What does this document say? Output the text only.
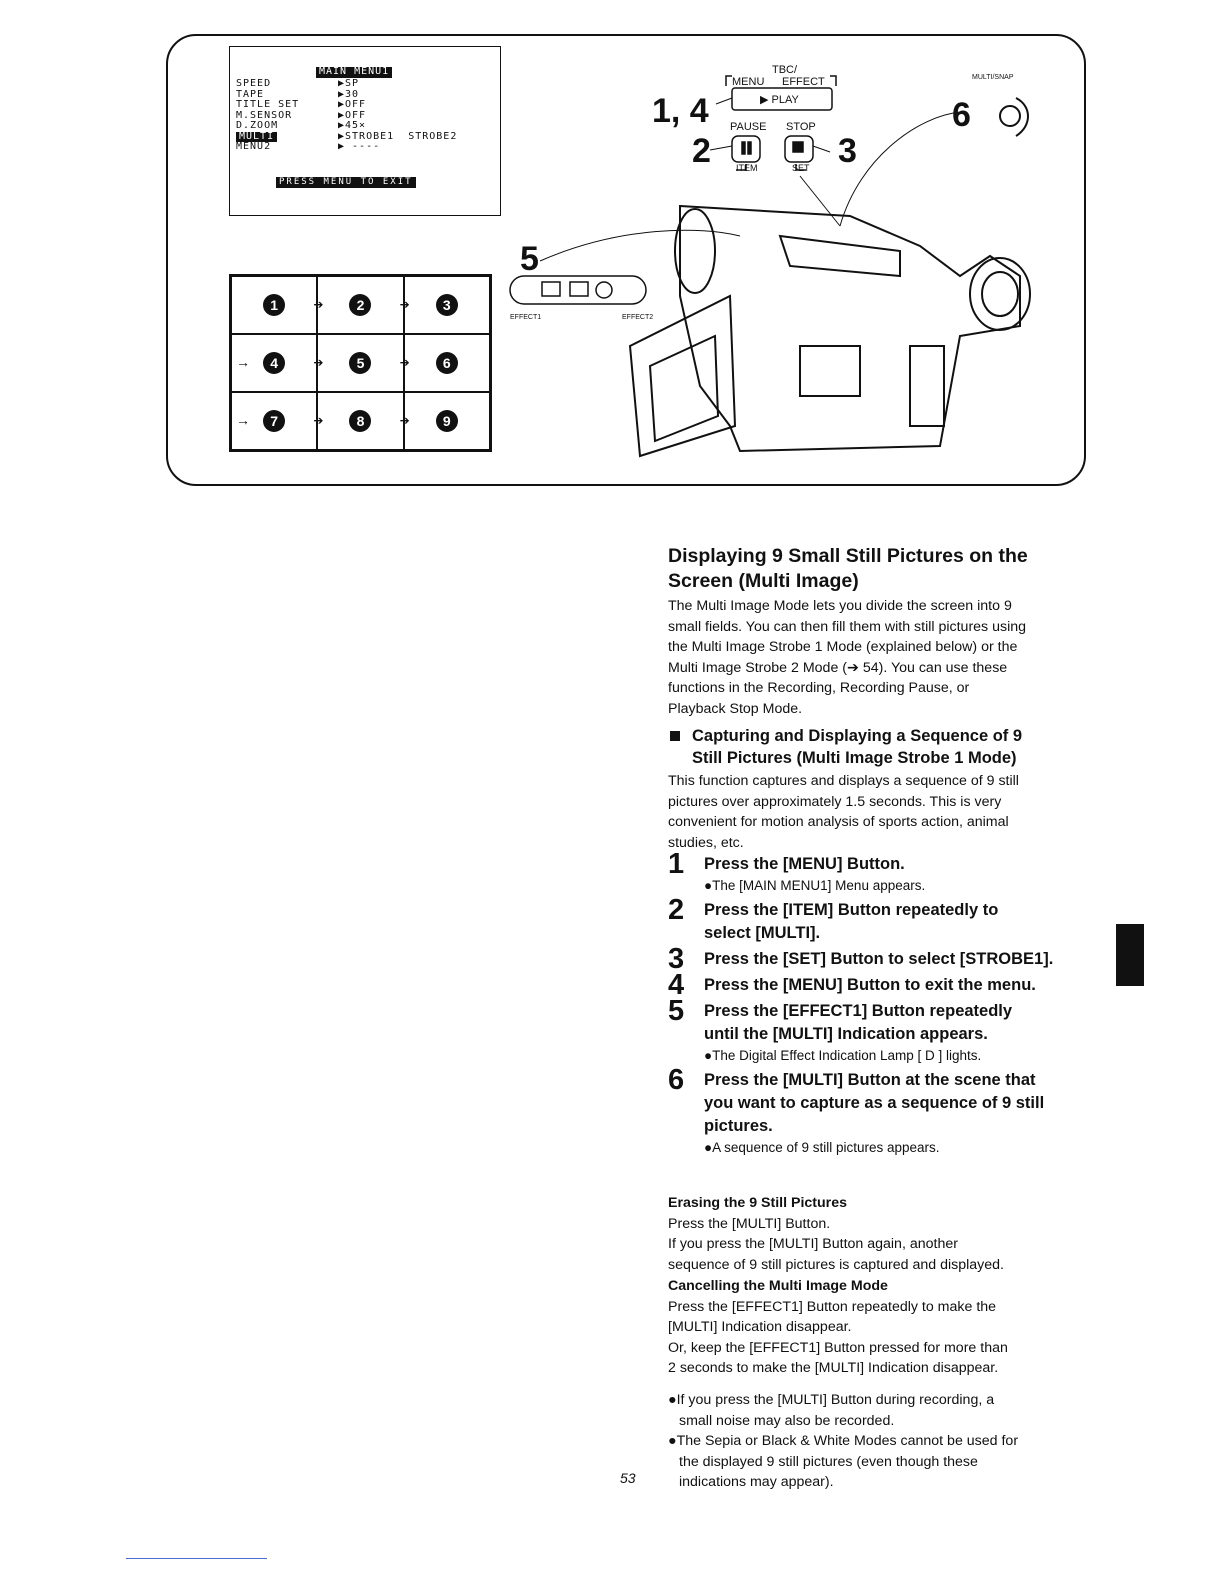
MAIN MENU1
SPEED	▶SP
TAPE	▶30
TITLE SET	▶OFF
M.SENSOR	▶OFF
D.ZOOM	▶45×
MULTI	▶STROBE1  STROBE2
MENU2	▶ ----
PRESS MENU TO EXIT
1	➔	2	➔	3
→	4	➔	5	➔	6
→	7	➔	8	➔	9
1, 4
2	3
5
6
TBC/
MENU EFFECT
▶ PLAY
PAUSE STOP
ITEM	SET
MULTI/SNAP
EFFECT1	EFFECT2
Displaying 9 Small Still Pictures on the
Screen (Multi Image)
The Multi Image Mode lets you divide the screen into 9
small fields. You can then fill them with still pictures using
the Multi Image Strobe 1 Mode (explained below) or the
Multi Image Strobe 2 Mode (➔ 54). You can use these
functions in the Recording, Recording Pause, or
Playback Stop Mode.
Capturing and Displaying a Sequence of 9
Still Pictures (Multi Image Strobe 1 Mode)
This function captures and displays a sequence of 9 still
pictures over approximately 1.5 seconds. This is very
convenient for motion analysis of sports action, animal
studies, etc.
1 Press the [MENU] Button.
●The [MAIN MENU1] Menu appears.
2 Press the [ITEM] Button repeatedly to
select [MULTI].
3 Press the [SET] Button to select [STROBE1].
4 Press the [MENU] Button to exit the menu.
5 Press the [EFFECT1] Button repeatedly
until the [MULTI] Indication appears.
●The Digital Effect Indication Lamp [ D ] lights.
6 Press the [MULTI] Button at the scene that
you want to capture as a sequence of 9 still
pictures.
●A sequence of 9 still pictures appears.
Erasing the 9 Still Pictures
Press the [MULTI] Button.
If you press the [MULTI] Button again, another
sequence of 9 still pictures is captured and displayed.
Cancelling the Multi Image Mode
Press the [EFFECT1] Button repeatedly to make the
[MULTI] Indication disappear.
Or, keep the [EFFECT1] Button pressed for more than
2 seconds to make the [MULTI] Indication disappear.
●If you press the [MULTI] Button during recording, a
small noise may also be recorded.
●The Sepia or Black & White Modes cannot be used for
the displayed 9 still pictures (even though these
indications may appear).
53
